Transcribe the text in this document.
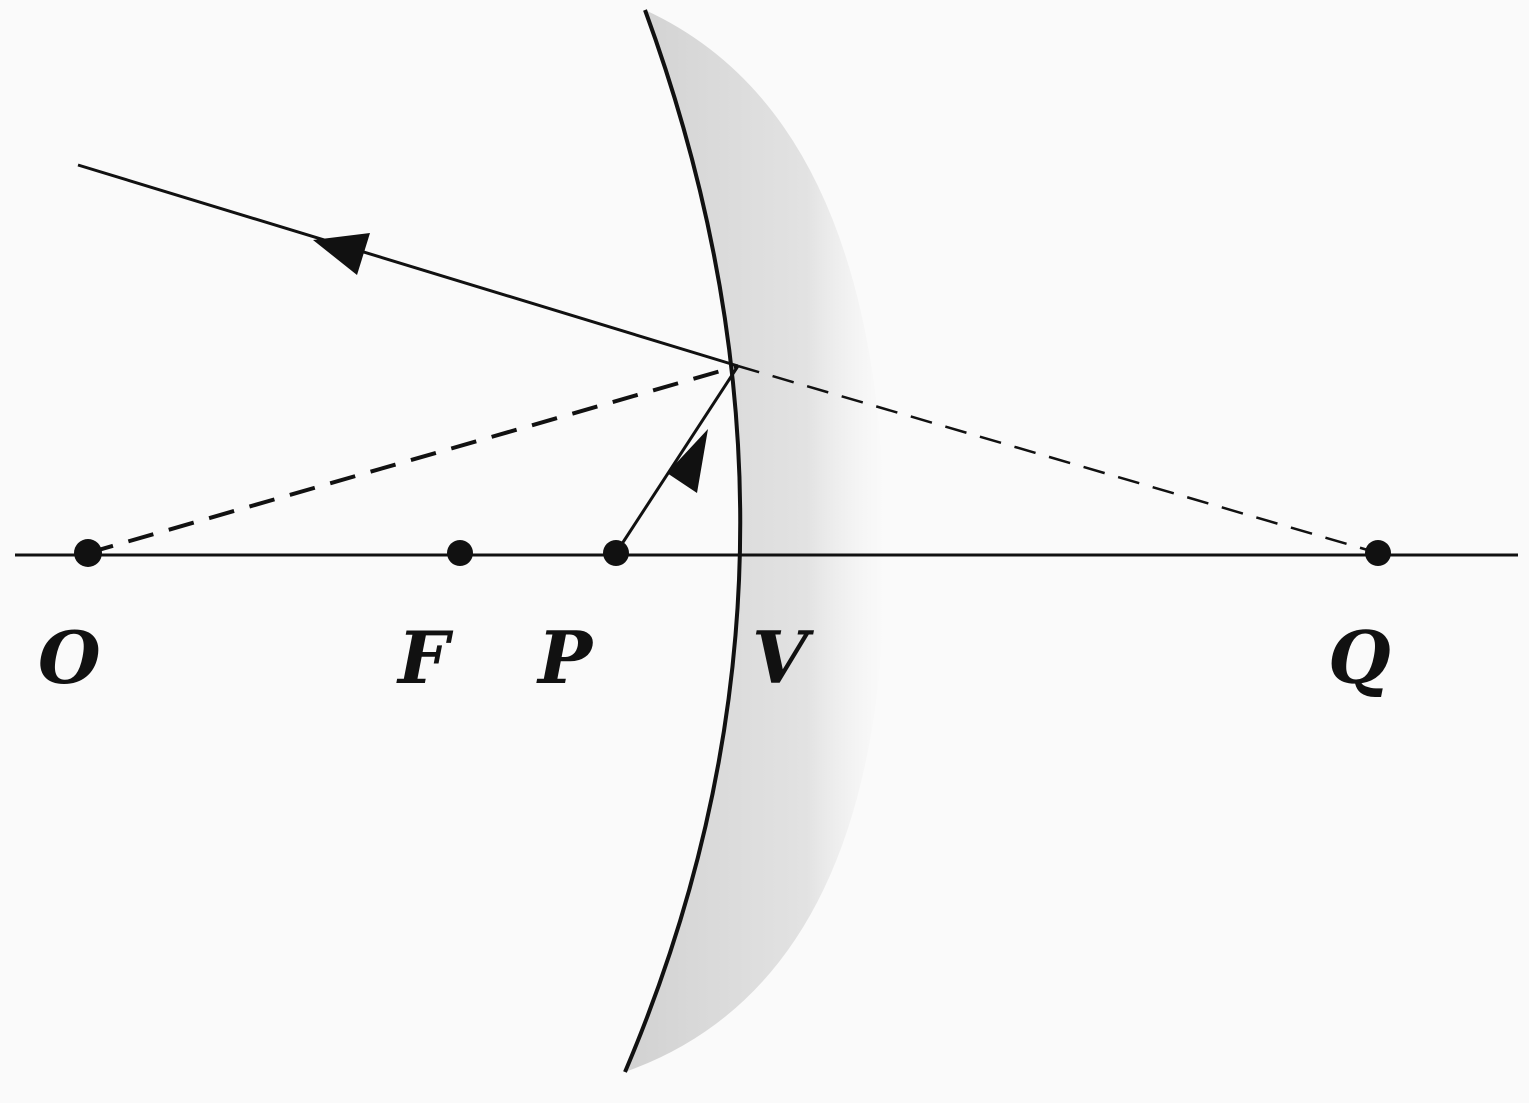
O	F P V	Q
